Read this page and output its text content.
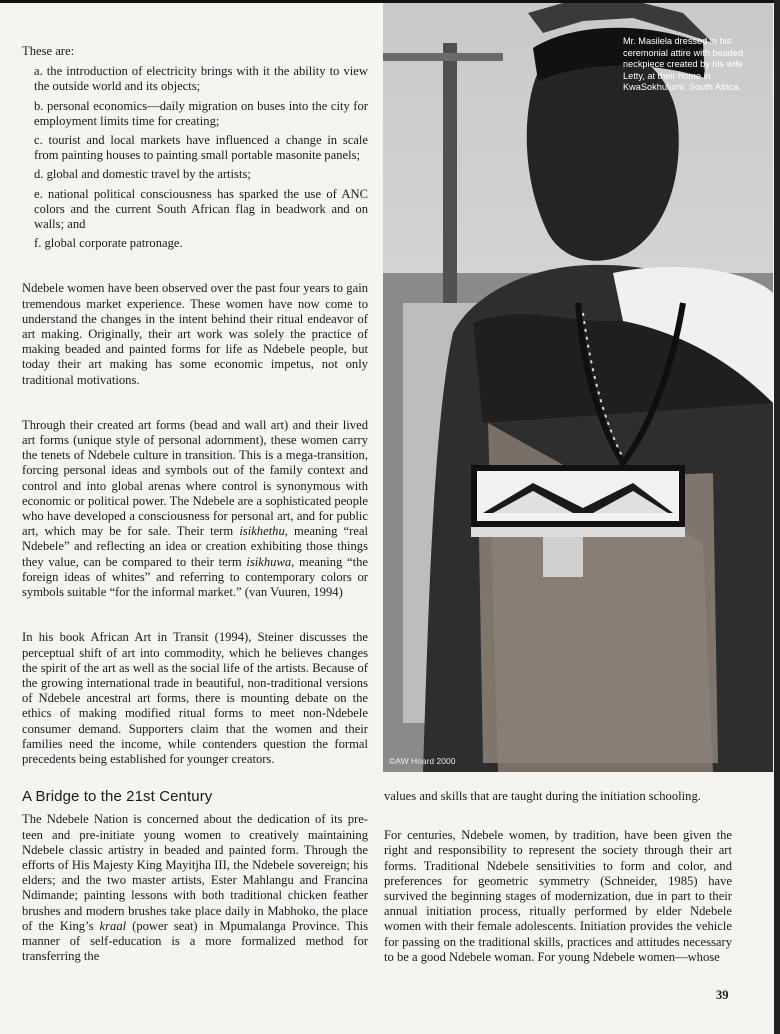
These are:

a. the introduction of electricity brings with it the ability to view the outside world and its objects;
b. personal economics—daily migration on buses into the city for employment limits time for creating;
c. tourist and local markets have influenced a change in scale from painting houses to painting small portable masonite panels;
d. global and domestic travel by the artists;
e. national political consciousness has sparked the use of ANC colors and the current South African flag in beadwork and on walls; and
f. global corporate patronage.

Ndebele women have been observed over the past four years to gain tremendous market experience. These women have now come to understand the changes in the intent behind their ritual endeavor of art making. Originally, their art work was solely the practice of making beaded and painted forms for life as Ndebele people, but today their art making has some economic impetus, not only traditional motivations.

Through their created art forms (bead and wall art) and their lived art forms (unique style of personal adornment), these women carry the tenets of Ndebele culture in transition. This is a mega-transition, forcing personal ideas and symbols out of the family context and control and into global arenas where control is synonymous with economic or political power. The Ndebele are a sophisticated people who have developed a consciousness for personal art, and for public art, which may be for sale. Their term isikhethu, meaning “real Ndebele” and reflecting an idea or creation exhibiting those things they value, can be compared to their term isikhuwa, meaning “the foreign ideas of whites” and referring to contemporary colors or symbols suitable “for the informal market.” (van Vuuren, 1994)

In his book African Art in Transit (1994), Steiner discusses the perceptual shift of art into commodity, which he believes changes the spirit of the art as well as the social life of the artists. Because of the growing international trade in beautiful, non-traditional versions of Ndebele ancestral art forms, there is mounting debate on the ethics of making modified ritual forms to meet non-Ndebele consumer demand. Supporters claim that the women and their families need the income, while contenders question the formal precedents being established for younger creators.

A Bridge to the 21st Century

The Ndebele Nation is concerned about the dedication of its pre-teen and pre-initiate young women to creatively maintaining Ndebele classic artistry in beaded and painted form. Through the efforts of His Majesty King Mayitjha III, the Ndebele sovereign; his elders; and the two master artists, Ester Mahlangu and Francina Ndimande; painting lessons with both traditional chicken feather brushes and modern brushes take place daily in Mabhoko, the place of the King’s kraal (power seat) in Mpumalanga Province. This manner of self-education is a more formalized method for transferring the

Mr. Masilela dressed in his ceremonial attire with beaded neckpiece created by his wife Letty, at their home in KwaSokhulumi, South Africa.
©AW Hoard 2000

values and skills that are taught during the initiation schooling.

For centuries, Ndebele women, by tradition, have been given the right and responsibility to represent the society through their art forms. Traditional Ndebele sensitivities to form and color, and preferences for geometric symmetry (Schneider, 1985) have survived the beginning stages of modernization, due in part to their annual initiation process, ritually performed by elder Ndebele women with their female adolescents. Initiation provides the vehicle for passing on the traditional skills, practices and attitudes necessary to be a good Ndebele woman. For young Ndebele women—whose

39
